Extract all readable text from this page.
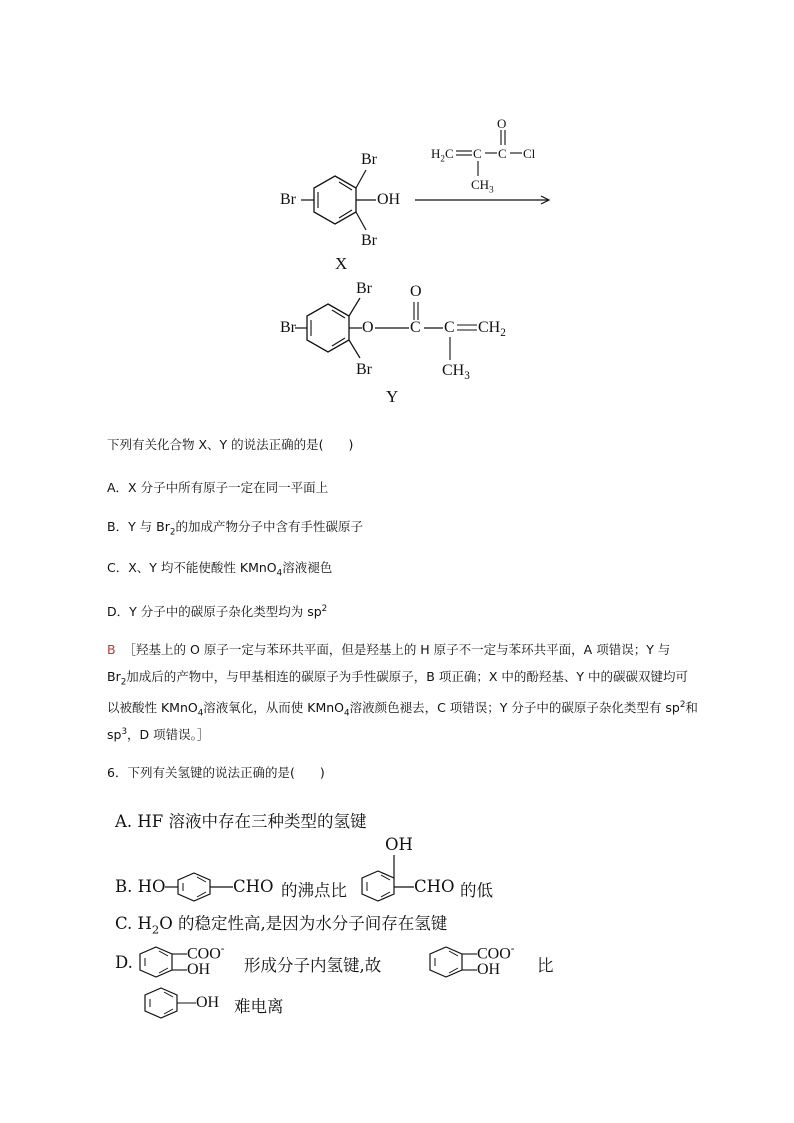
Br
OH
Br
Br
X
O
$H_2C$ C C Cl
$CH_3$
Br
Br	O
O
C C $CH_2$
$CH_3$
Br
Y
下列有关化合物 X、Y 的说法正确的是(　　)
A．X 分子中所有原子一定在同一平面上
B．Y 与 $Br_2$的加成产物分子中含有手性碳原子
C．X、Y 均不能使酸性 KMnO$_4$溶液褪色
D．Y 分子中的碳原子杂化类型均为 $sp^2$
B ［羟基上的 O 原子一定与苯环共平面，但是羟基上的 H 原子不一定与苯环共平面，A 项错误；Y 与
$Br_2$加成后的产物中，与甲基相连的碳原子为手性碳原子，B 项正确；X 中的酚羟基、Y 中的碳碳双键均可
以被酸性 KMnO$_4$溶液氧化，从而使 KMnO$_4$溶液颜色褪去，C 项错误；Y 分子中的碳原子杂化类型有 $sp^2$和
$sp^3$，D 项错误。］
6．下列有关氢键的说法正确的是(　　)
A. HF 溶液中存在三种类型的氢键
B. HO	CHO 的沸点比
OH
CHO 的低
C. $H_2O$ 的稳定性高,是因为水分子间存在氢键
D.	COO-
OH 形成分子内氢键,故
COO-
OH 比
OH 难电离
